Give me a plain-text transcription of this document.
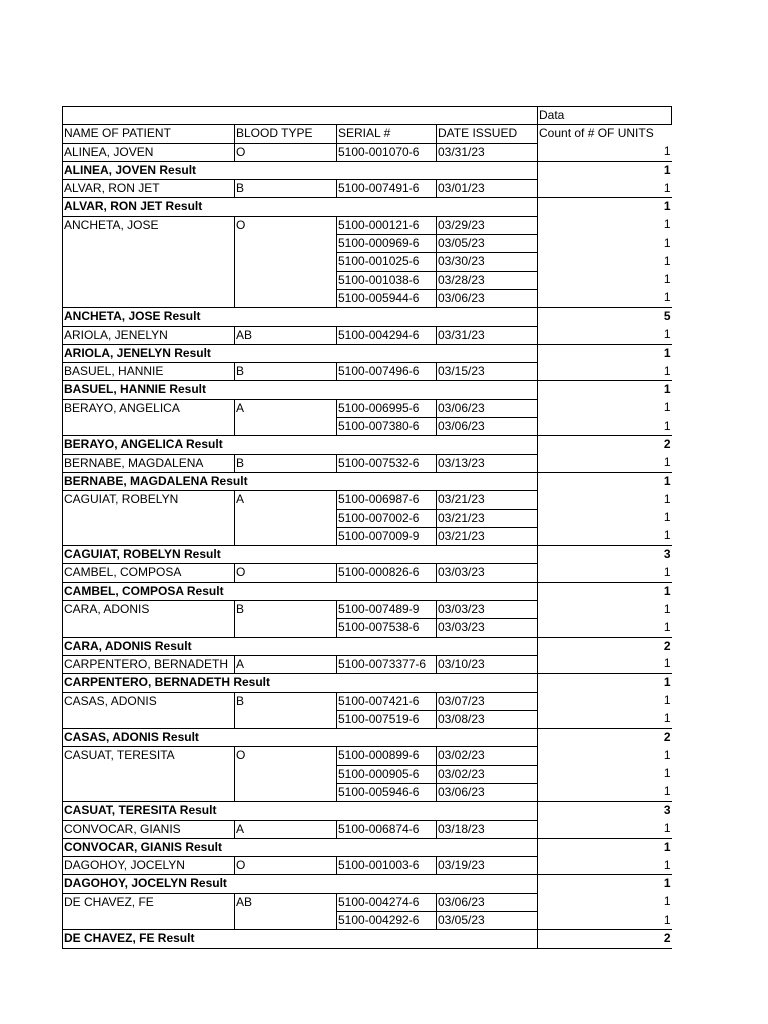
				Data
NAME OF PATIENT	BLOOD TYPE	SERIAL #	DATE ISSUED	Count of # OF UNITS
ALINEA, JOVEN	O	5100-001070-6	03/31/23	1
ALINEA, JOVEN Result				1
ALVAR, RON JET	B	5100-007491-6	03/01/23	1
ALVAR, RON JET Result				1
ANCHETA, JOSE	O	5100-000121-6	03/29/23	1
		5100-000969-6	03/05/23	1
		5100-001025-6	03/30/23	1
		5100-001038-6	03/28/23	1
		5100-005944-6	03/06/23	1
ANCHETA, JOSE Result				5
ARIOLA, JENELYN	AB	5100-004294-6	03/31/23	1
ARIOLA, JENELYN Result				1
BASUEL, HANNIE	B	5100-007496-6	03/15/23	1
BASUEL, HANNIE Result				1
BERAYO, ANGELICA	A	5100-006995-6	03/06/23	1
		5100-007380-6	03/06/23	1
BERAYO, ANGELICA Result				2
BERNABE, MAGDALENA	B	5100-007532-6	03/13/23	1
BERNABE, MAGDALENA Result				1
CAGUIAT, ROBELYN	A	5100-006987-6	03/21/23	1
		5100-007002-6	03/21/23	1
		5100-007009-9	03/21/23	1
CAGUIAT, ROBELYN Result				3
CAMBEL, COMPOSA	O	5100-000826-6	03/03/23	1
CAMBEL, COMPOSA Result				1
CARA, ADONIS	B	5100-007489-9	03/03/23	1
		5100-007538-6	03/03/23	1
CARA, ADONIS Result				2
CARPENTERO, BERNADETH	A	5100-0073377-6	03/10/23	1
CARPENTERO, BERNADETH Result				1
CASAS, ADONIS	B	5100-007421-6	03/07/23	1
		5100-007519-6	03/08/23	1
CASAS, ADONIS Result				2
CASUAT, TERESITA	O	5100-000899-6	03/02/23	1
		5100-000905-6	03/02/23	1
		5100-005946-6	03/06/23	1
CASUAT, TERESITA Result				3
CONVOCAR, GIANIS	A	5100-006874-6	03/18/23	1
CONVOCAR, GIANIS Result				1
DAGOHOY, JOCELYN	O	5100-001003-6	03/19/23	1
DAGOHOY, JOCELYN Result				1
DE CHAVEZ, FE	AB	5100-004274-6	03/06/23	1
		5100-004292-6	03/05/23	1
DE CHAVEZ, FE Result				2
